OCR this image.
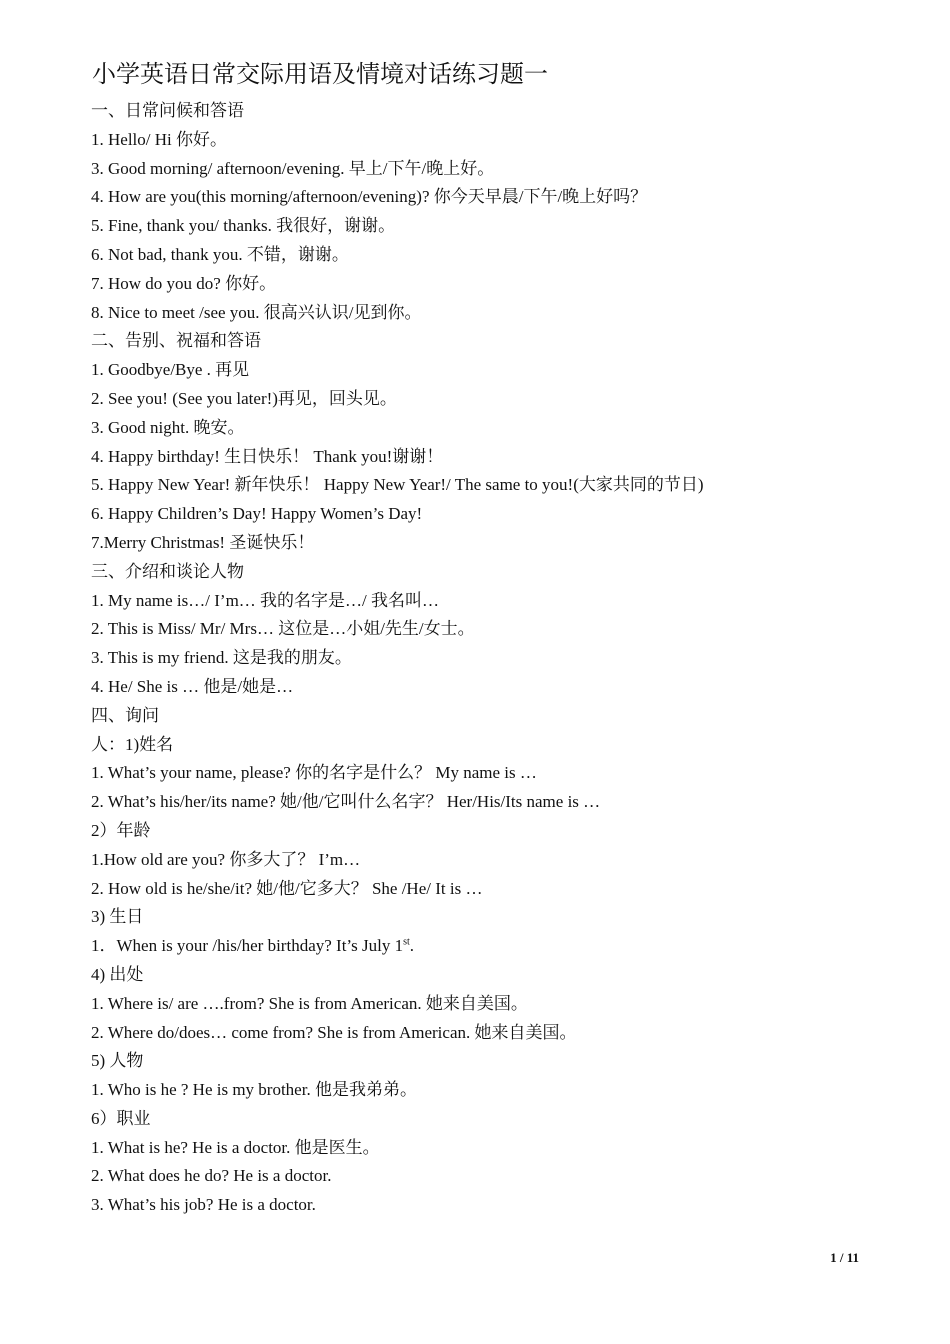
小学英语日常交际用语及情境对话练习题一
一、日常问候和答语
1. Hello/ Hi 你好。
3. Good morning/ afternoon/evening. 早上/下午/晚上好。
4. How are you(this morning/afternoon/evening)? 你今天早晨/下午/晚上好吗？
5. Fine, thank you/ thanks. 我很好，谢谢。
6. Not bad, thank you. 不错，谢谢。
7. How do you do? 你好。
8. Nice to meet /see you. 很高兴认识/见到你。
二、告别、祝福和答语
1. Goodbye/Bye . 再见
2. See you! (See you later!)再见，回头见。
3. Good night. 晚安。
4. Happy birthday! 生日快乐！ Thank you!谢谢！
5. Happy New Year! 新年快乐！ Happy New Year!/ The same to you!(大家共同的节日)
6. Happy Children’s Day! Happy Women’s Day!
7.Merry Christmas! 圣诞快乐！
三、介绍和谈论人物
1. My name is…/ I’m… 我的名字是…/ 我名叫…
2. This is Miss/ Mr/ Mrs… 这位是…小姐/先生/女士。
3. This is my friend. 这是我的朋友。
4. He/ She is … 他是/她是…
四、询问
人：1)姓名
1. What’s your name, please? 你的名字是什么？ My name is …
2. What’s his/her/its name? 她/他/它叫什么名字？ Her/His/Its name is …
2）年龄
1.How old are you? 你多大了？ I’m…
2. How old is he/she/it? 她/他/它多大？ She /He/ It is …
3) 生日
1．When is your /his/her birthday? It’s July 1st.
4) 出处
1. Where is/ are ….from? She is from American. 她来自美国。
2. Where do/does… come from? She is from American. 她来自美国。
5) 人物
1. Who is he ? He is my brother. 他是我弟弟。
6）职业
1. What is he? He is a doctor. 他是医生。
2. What does he do? He is a doctor.
3. What’s his job? He is a doctor.
1 / 11
